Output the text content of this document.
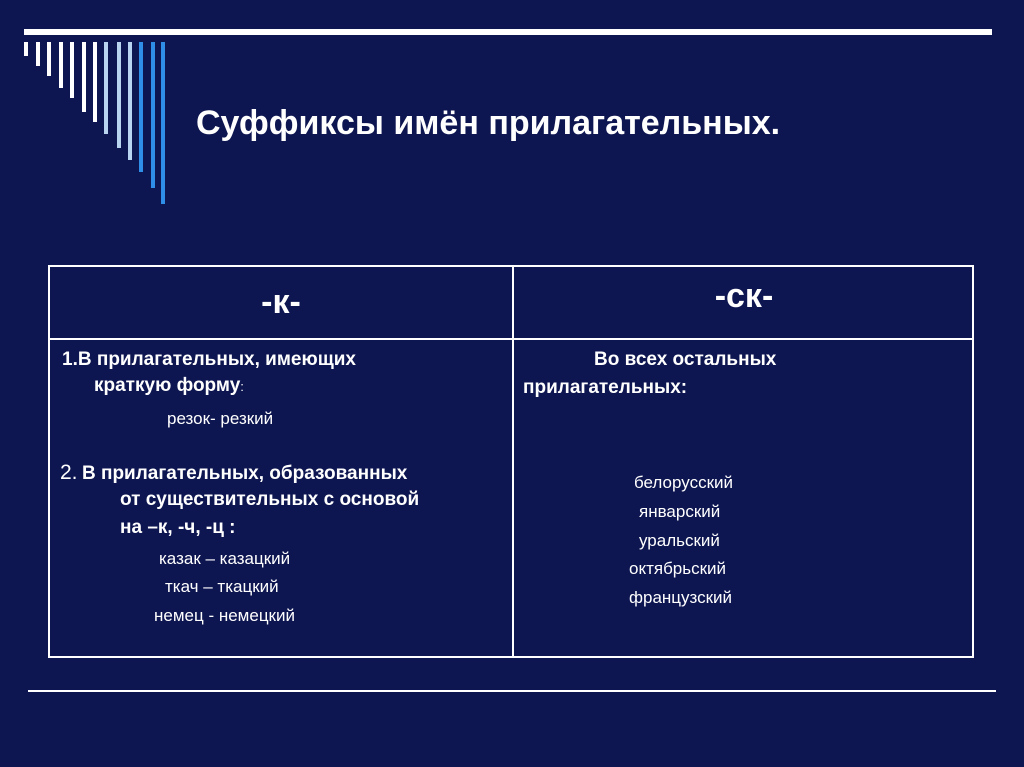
Суффиксы имён прилагательных.
-к-	-ск-
1.В прилагательных, имеющих
краткую форму:
резок- резкий
2. В прилагательных, образованных
от существительных с основой
на –к, -ч, -ц :
казак – казацкий
ткач – ткацкий
немец - немецкий
Во всех остальных
прилагательных:
белорусский
январский
уральский
октябрьский
французский
